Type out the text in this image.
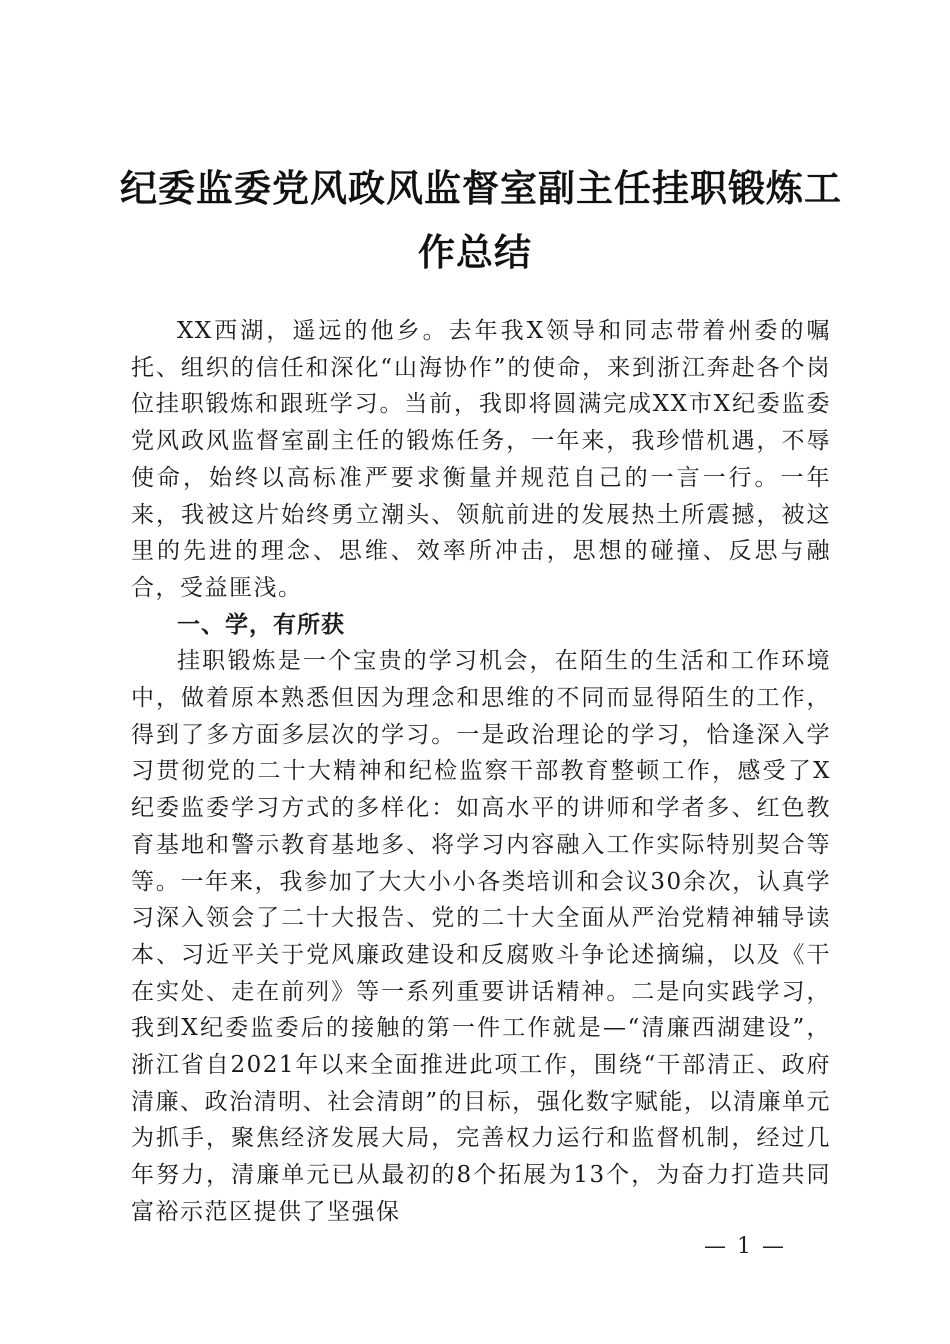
纪委监委党风政风监督室副主任挂职锻炼工
作总结

XX西湖，遥远的他乡。去年我X领导和同志带着州委的嘱托、组织的信任和深化“山海协作”的使命，来到浙江奔赴各个岗位挂职锻炼和跟班学习。当前，我即将圆满完成XX市X纪委监委党风政风监督室副主任的锻炼任务，一年来，我珍惜机遇，不辱使命，始终以高标准严要求衡量并规范自己的一言一行。一年来，我被这片始终勇立潮头、领航前进的发展热土所震撼，被这里的先进的理念、思维、效率所冲击，思想的碰撞、反思与融合，受益匪浅。

一、学，有所获

挂职锻炼是一个宝贵的学习机会，在陌生的生活和工作环境中，做着原本熟悉但因为理念和思维的不同而显得陌生的工作，得到了多方面多层次的学习。一是政治理论的学习，恰逢深入学习贯彻党的二十大精神和纪检监察干部教育整顿工作，感受了X纪委监委学习方式的多样化：如高水平的讲师和学者多、红色教育基地和警示教育基地多、将学习内容融入工作实际特别契合等等。一年来，我参加了大大小小各类培训和会议30余次，认真学习深入领会了二十大报告、党的二十大全面从严治党精神辅导读本、习近平关于党风廉政建设和反腐败斗争论述摘编，以及《干在实处、走在前列》等一系列重要讲话精神。二是向实践学习，我到X纪委监委后的接触的第一件工作就是—“清廉西湖建设”，浙江省自2021年以来全面推进此项工作，围绕“干部清正、政府清廉、政治清明、社会清朗”的目标，强化数字赋能，以清廉单元为抓手，聚焦经济发展大局，完善权力运行和监督机制，经过几年努力，清廉单元已从最初的8个拓展为13个，为奋力打造共同富裕示范区提供了坚强保

— 1 —
